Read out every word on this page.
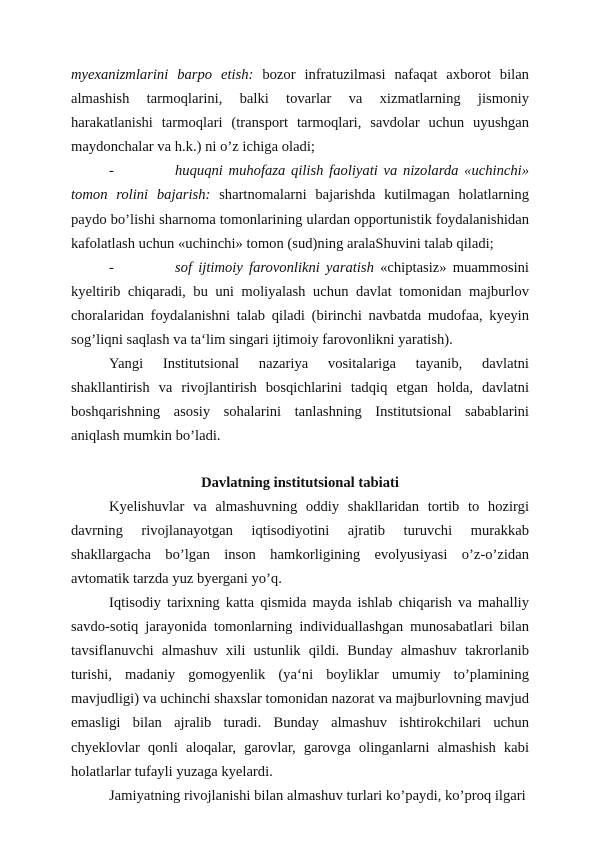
myexanizmlarini barpo etish: bozor infratuzilmasi nafaqat axborot bilan almashish tarmoqlarini, balki tovarlar va xizmatlarning jismoniy harakatlanishi tarmoqlari (transport tarmoqlari, savdolar uchun uyushgan maydonchalar va h.k.) ni o’z ichiga oladi;

-	huquqni muhofaza qilish faoliyati va nizolarda «uchinchi» tomon rolini bajarish: shartnomalarni bajarishda kutilmagan holatlarning paydo bo’lishi sharnoma tomonlarining ulardan opportunistik foydalanishidan kafolatlash uchun «uchinchi» tomon (sud)ning aralaShuvini talab qiladi;

-	sof ijtimoiy farovonlikni yaratish «chiptasiz» muammosini kyeltirib chiqaradi, bu uni moliyalash uchun davlat tomonidan majburlov choralaridan foydalanishni talab qiladi (birinchi navbatda mudofaa, kyeyin sog’liqni saqlash va ta‘lim singari ijtimoiy farovonlikni yaratish).

Yangi Institutsional nazariya vositalariga tayanib, davlatni shakllantirish va rivojlantirish bosqichlarini tadqiq etgan holda, davlatni boshqarishning asosiy sohalarini tanlashning Institutsional sabablarini aniqlash mumkin bo’ladi.

Davlatning institutsional tabiati

Kyelishuvlar va almashuvning oddiy shakllaridan tortib to hozirgi davrning rivojlanayotgan iqtisodiyotini ajratib turuvchi murakkab shakllargacha bo’lgan inson hamkorligining evolyusiyasi o’z-o’zidan avtomatik tarzda yuz byergani yo’q.

Iqtisodiy tarixning katta qismida mayda ishlab chiqarish va mahalliy savdo-sotiq jarayonida tomonlarning individuallashgan munosabatlari bilan tavsiflanuvchi almashuv xili ustunlik qildi. Bunday almashuv takrorlanib turishi, madaniy gomogyenlik (ya‘ni boyliklar umumiy to’plamining mavjudligi) va uchinchi shaxslar tomonidan nazorat va majburlovning mavjud emasligi bilan ajralib turadi. Bunday almashuv ishtirokchilari uchun chyeklovlar qonli aloqalar, garovlar, garovga olinganlarni almashish kabi holatlarlar tufayli yuzaga kyelardi.

Jamiyatning rivojlanishi bilan almashuv turlari ko’paydi, ko’proq ilgari
